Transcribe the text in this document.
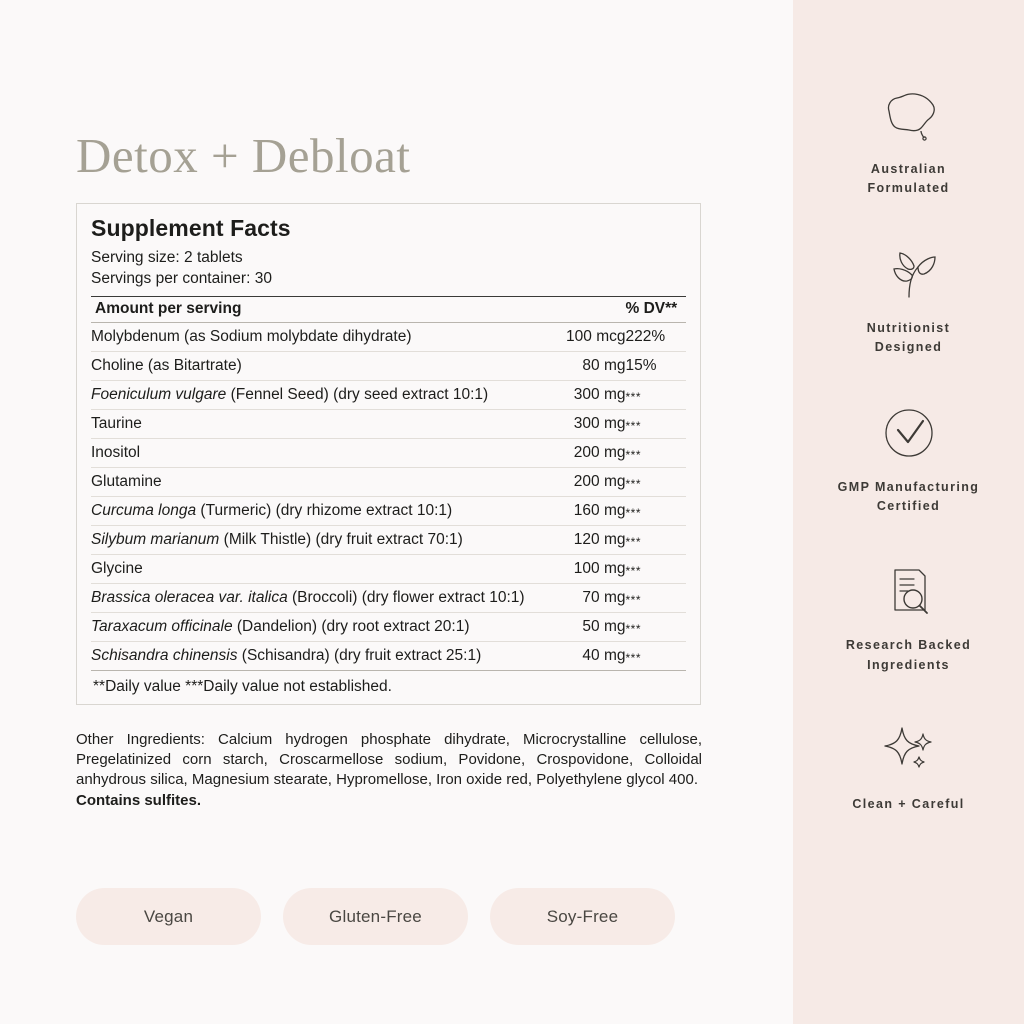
Detox + Debloat
Supplement Facts
Serving size: 2 tablets
Servings per container: 30
Amount per serving		% DV**
Molybdenum (as Sodium molybdate dihydrate)	100 mcg	222%
Choline (as Bitartrate)	80 mg	15%
Foeniculum vulgare (Fennel Seed) (dry seed extract 10:1)	300 mg	***
Taurine	300 mg	***
Inositol	200 mg	***
Glutamine	200 mg	***
Curcuma longa (Turmeric) (dry rhizome extract 10:1)	160 mg	***
Silybum marianum (Milk Thistle) (dry fruit extract 70:1)	120 mg	***
Glycine	100 mg	***
Brassica oleracea var. italica (Broccoli) (dry flower extract 10:1)	70 mg	***
Taraxacum officinale (Dandelion) (dry root extract 20:1)	50 mg	***
Schisandra chinensis (Schisandra) (dry fruit extract 25:1)	40 mg	***
**Daily value ***Daily value not established.
Other Ingredients: Calcium hydrogen phosphate dihydrate, Microcrystalline cellulose, Pregelatinized corn starch, Croscarmellose sodium, Povidone, Crospovidone, Colloidal anhydrous silica, Magnesium stearate, Hypromellose, Iron oxide red, Polyethylene glycol 400.
Contains sulfites.
Vegan	Gluten-Free	Soy-Free
Australian
Formulated
Nutritionist
Designed
GMP Manufacturing
Certified
Research Backed
Ingredients
Clean + Careful
